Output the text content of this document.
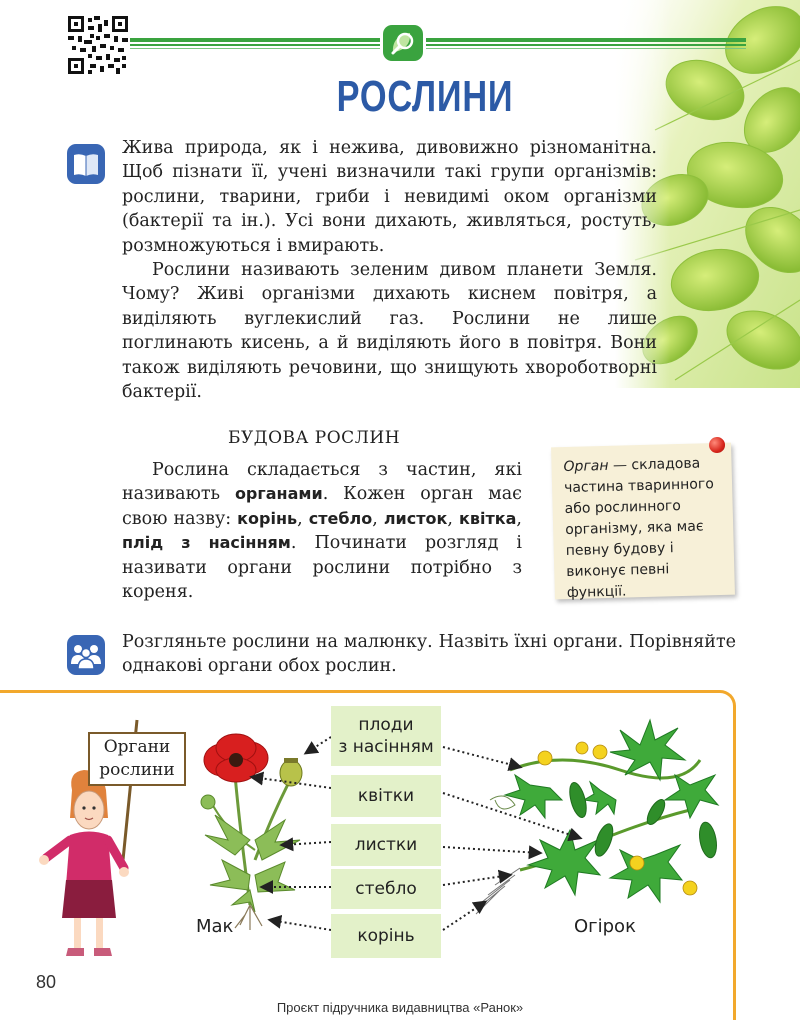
РОСЛИНИ

Жива природа, як і нежива, дивовижно різноманітна. Щоб пізнати її, учені визначили такі групи організмів: рослини, тварини, гриби і невидимі оком організми (бактерії та ін.). Усі вони дихають, живляться, ростуть, розмножуються і вмирають.

Рослини називають зеленим дивом планети Земля. Чому? Живі організми дихають киснем повітря, а виділяють вуглекислий газ. Рослини не лише поглинають кисень, а й виділяють його в повітря. Вони також виділяють речовини, що знищують хвороботворні бактерії.

БУДОВА РОСЛИН

Рослина складається з частин, які називають органами. Кожен орган має свою назву: корінь, стебло, листок, квітка, плід з насінням. Починати розгляд і називати органи рослини потрібно з кореня.

Орган — складова частина тваринного або рослинного організму, яка має певну будову і виконує певні функції.

Розгляньте рослини на малюнку. Назвіть їхні органи. Порівняйте однакові органи обох рослин.

Органи
рослини
плоди
з насінням
квітки
листки
стебло
корінь
Мак	Огірок
80
Проєкт підручника видавництва «Ранок»
